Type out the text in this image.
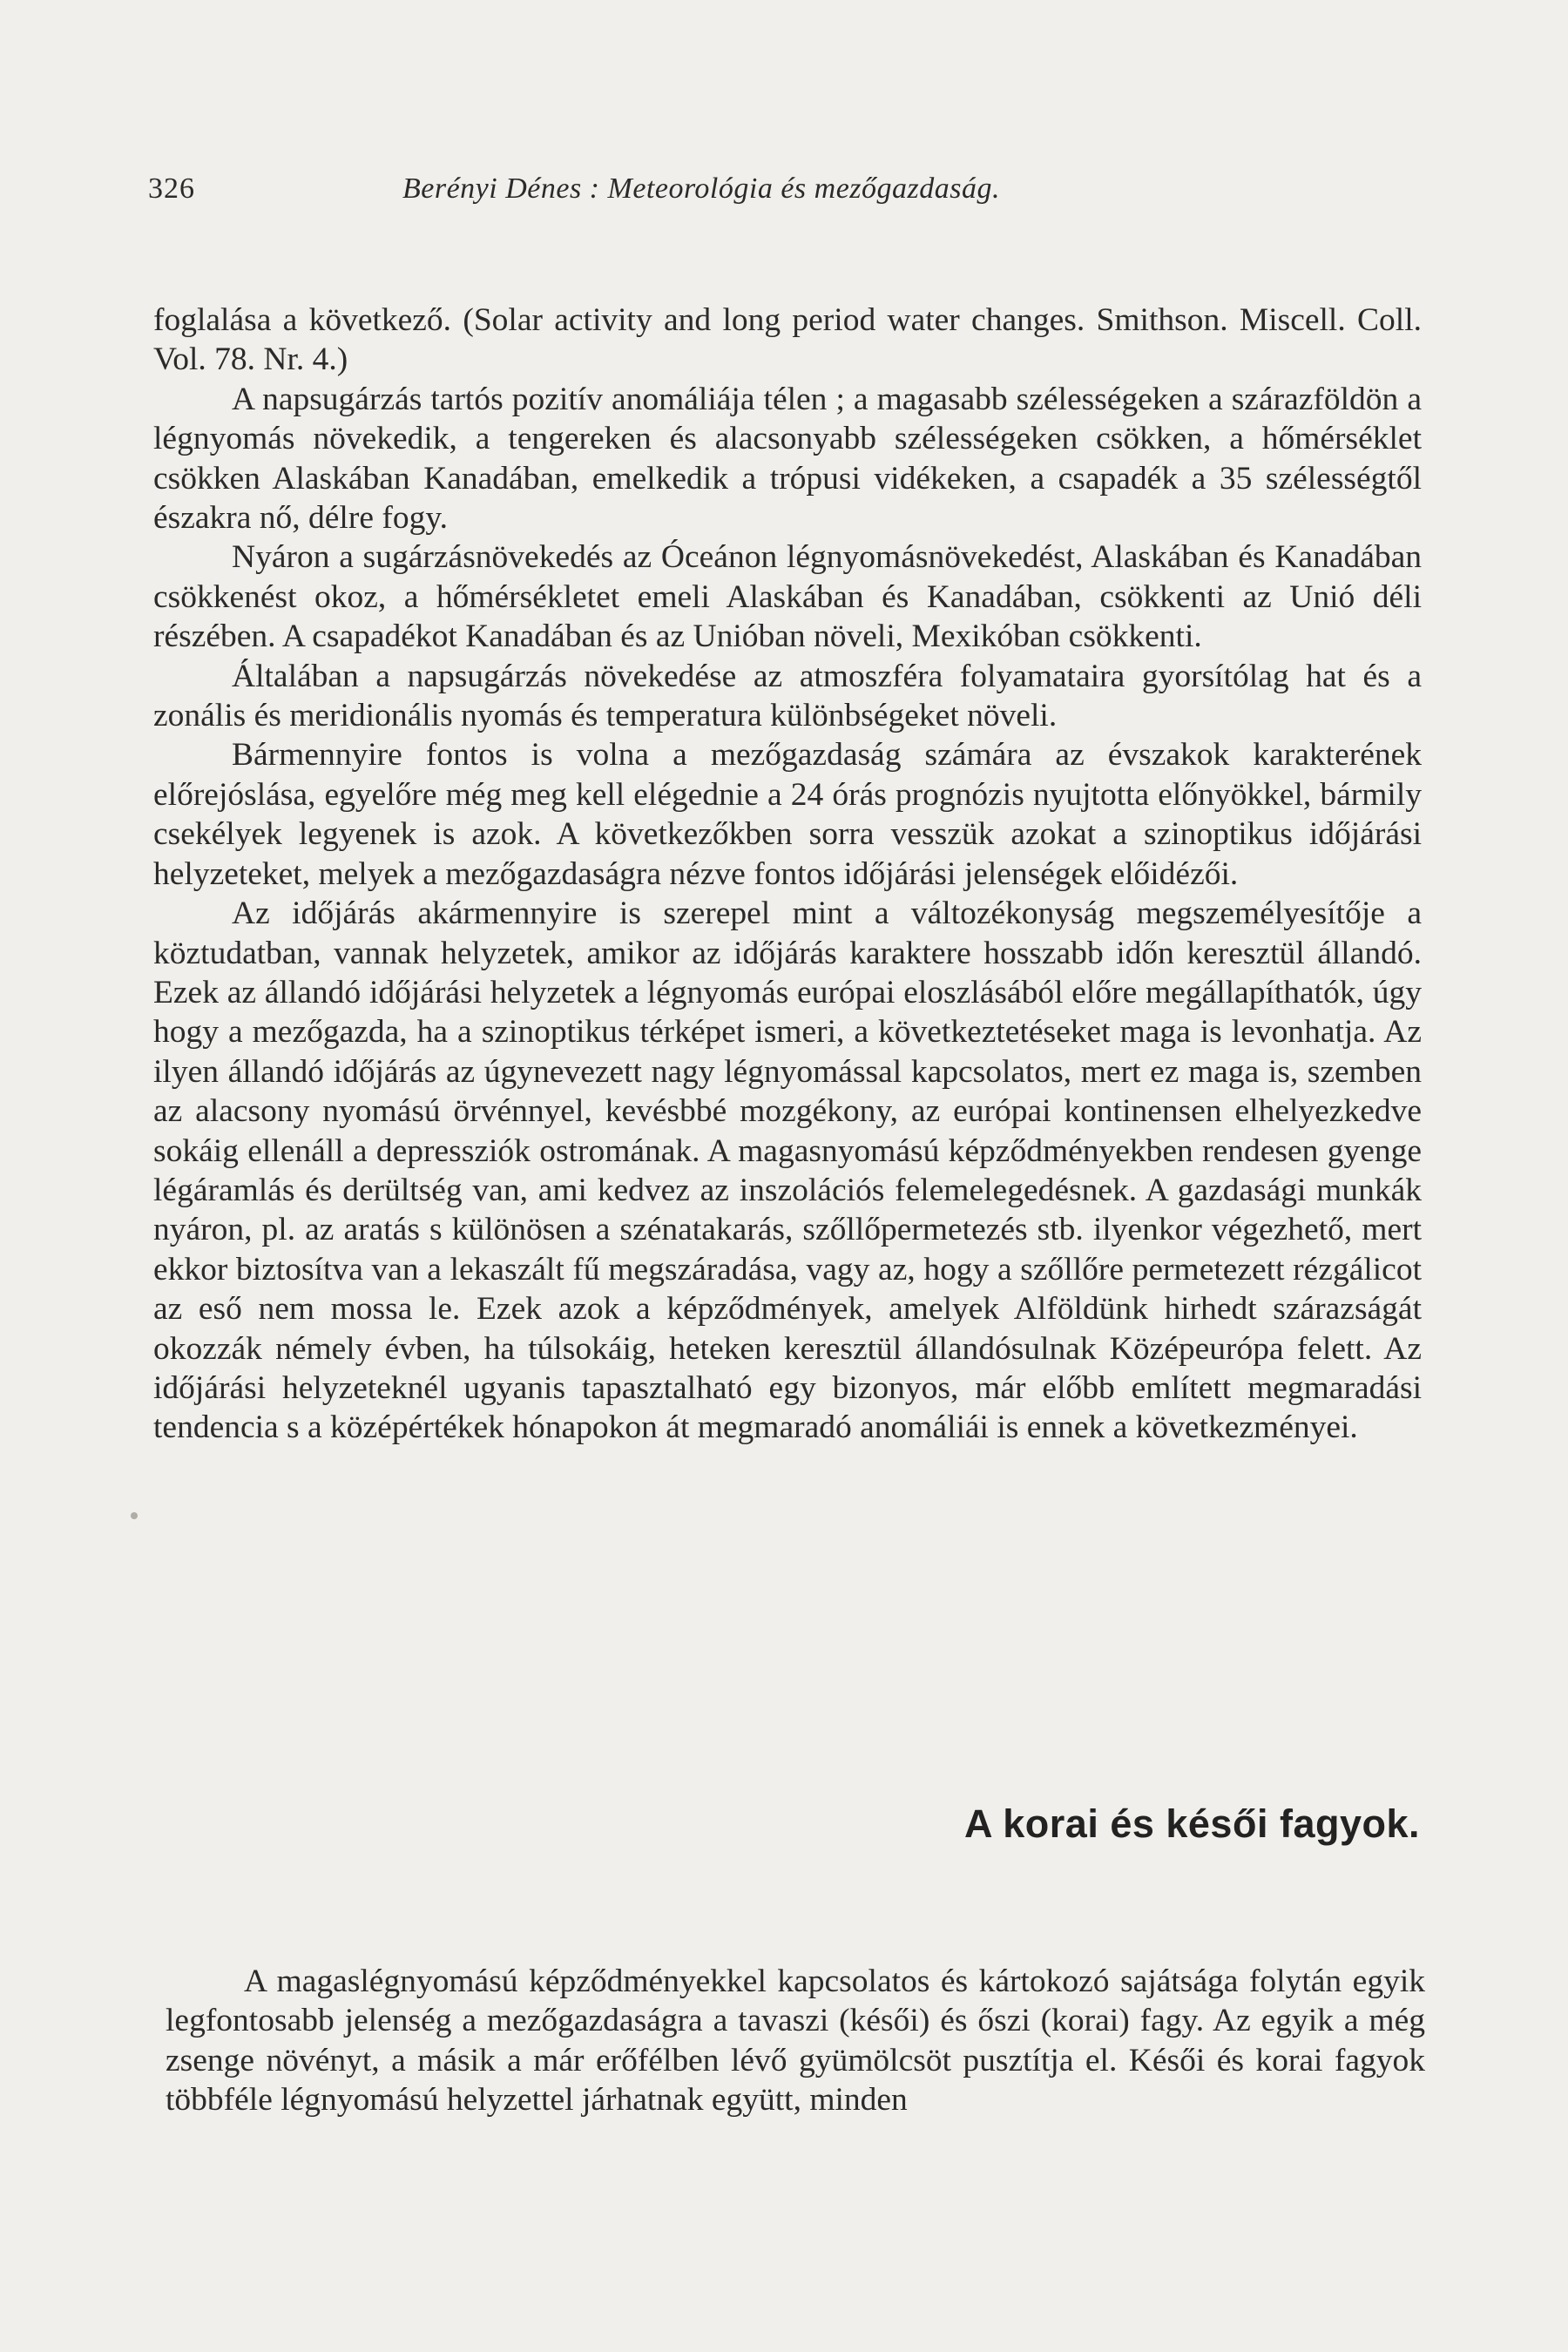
326	Berényi Dénes : Meteorológia és mezőgazdaság.

foglalása a következő. (Solar activity and long period water changes. Smithson. Miscell. Coll. Vol. 78. Nr. 4.)

A napsugárzás tartós pozitív anomáliája télen ; a magasabb szélességeken a szárazföldön a légnyomás növekedik, a tengereken és alacsonyabb szélességeken csökken, a hőmérséklet csökken Alaskában Kanadában, emelkedik a trópusi vidékeken, a csapadék a 35 szélességtől északra nő, délre fogy.

Nyáron a sugárzásnövekedés az Óceánon légnyomásnövekedést, Alaskában és Kanadában csökkenést okoz, a hőmérsékletet emeli Alaskában és Kanadában, csökkenti az Unió déli részében. A csapadékot Kanadában és az Unióban növeli, Mexikóban csökkenti.

Általában a napsugárzás növekedése az atmoszféra folyamataira gyorsítólag hat és a zonális és meridionális nyomás és temperatura különbségeket növeli.

Bármennyire fontos is volna a mezőgazdaság számára az évszakok karakterének előrejóslása, egyelőre még meg kell elégednie a 24 órás prognózis nyujtotta előnyökkel, bármily csekélyek legyenek is azok. A következőkben sorra vesszük azokat a szinoptikus időjárási helyzeteket, melyek a mezőgazdaságra nézve fontos időjárási jelenségek előidézői.

Az időjárás akármennyire is szerepel mint a változékonyság megszemélyesítője a köztudatban, vannak helyzetek, amikor az időjárás karaktere hosszabb időn keresztül állandó. Ezek az állandó időjárási helyzetek a légnyomás európai eloszlásából előre megállapíthatók, úgy hogy a mezőgazda, ha a szinoptikus térképet ismeri, a következtetéseket maga is levonhatja. Az ilyen állandó időjárás az úgynevezett nagy légnyomással kapcsolatos, mert ez maga is, szemben az alacsony nyomású örvénnyel, kevésbbé mozgékony, az európai kontinensen elhelyezkedve sokáig ellenáll a depressziók ostromának. A magasnyomású képződményekben rendesen gyenge légáramlás és derültség van, ami kedvez az inszolációs felemelegedésnek. A gazdasági munkák nyáron, pl. az aratás s különösen a szénatakarás, szőllőpermetezés stb. ilyenkor végezhető, mert ekkor biztosítva van a lekaszált fű megszáradása, vagy az, hogy a szőllőre permetezett rézgálicot az eső nem mossa le. Ezek azok a képződmények, amelyek Alföldünk hirhedt szárazságát okozzák némely évben, ha túlsokáig, heteken keresztül állandósulnak Középeurópa felett. Az időjárási helyzeteknél ugyanis tapasztalható egy bizonyos, már előbb említett megmaradási tendencia s a középértékek hónapokon át megmaradó anomáliái is ennek a következményei.

A korai és késői fagyok.

A magaslégnyomású képződményekkel kapcsolatos és kártokozó sajátsága folytán egyik legfontosabb jelenség a mezőgazdaságra a tavaszi (késői) és őszi (korai) fagy. Az egyik a még zsenge növényt, a másik a már erőfélben lévő gyümölcsöt pusztítja el. Késői és korai fagyok többféle légnyomású helyzettel járhatnak együtt, minden
